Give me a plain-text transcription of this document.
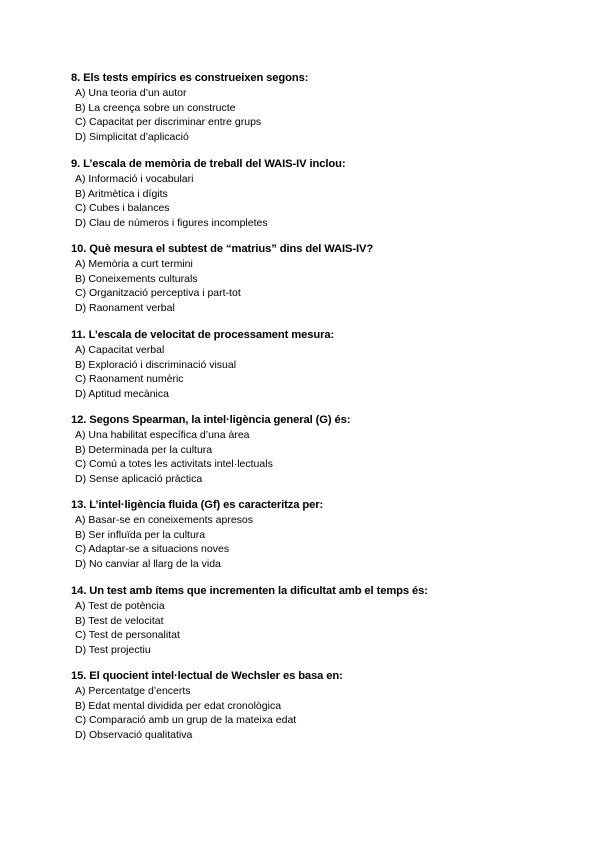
8. Els tests empírics es construeixen segons:
A) Una teoria d’un autor
B) La creença sobre un constructe
C) Capacitat per discriminar entre grups
D) Simplicitat d’aplicació
9. L’escala de memòria de treball del WAIS-IV inclou:
A) Informació i vocabulari
B) Aritmètica i dígits
C) Cubes i balances
D) Clau de números i figures incompletes
10. Què mesura el subtest de “matrius” dins del WAIS-IV?
A) Memòria a curt termini
B) Coneixements culturals
C) Organització perceptiva i part-tot
D) Raonament verbal
11. L’escala de velocitat de processament mesura:
A) Capacitat verbal
B) Exploració i discriminació visual
C) Raonament numèric
D) Aptitud mecànica
12. Segons Spearman, la intel·ligència general (G) és:
A) Una habilitat específica d’una àrea
B) Determinada per la cultura
C) Comú a totes les activitats intel·lectuals
D) Sense aplicació pràctica
13. L’intel·ligència fluida (Gf) es caracteritza per:
A) Basar-se en coneixements apresos
B) Ser influïda per la cultura
C) Adaptar-se a situacions noves
D) No canviar al llarg de la vida
14. Un test amb ítems que incrementen la dificultat amb el temps és:
A) Test de potència
B) Test de velocitat
C) Test de personalitat
D) Test projectiu
15. El quocient intel·lectual de Wechsler es basa en:
A) Percentatge d’encerts
B) Edat mental dividida per edat cronològica
C) Comparació amb un grup de la mateixa edat
D) Observació qualitativa
